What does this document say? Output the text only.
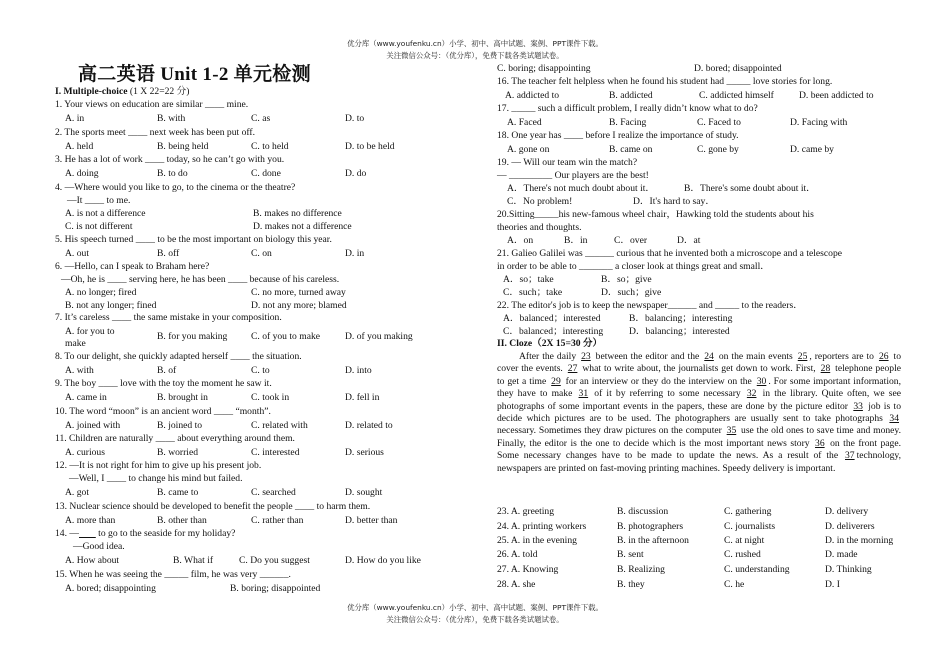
优分库（www.youfenku.cn）小学、初中、高中试题、案例、PPT课件下载。
关注微信公众号：（优分库），免费下载各类试题试卷。
优分库（www.youfenku.cn）小学、初中、高中试题、案例、PPT课件下载。
关注微信公众号：（优分库），免费下载各类试题试卷。
高二英语 Unit 1-2 单元检测
I. Multiple-choice (1 X 22=22 分)
1. Your views on education are similar ____ mine.
A. in	B. with	C. as	D. to
2. The sports meet ____ next week has been put off.
A. held	B. being held	C. to held	D. to be held
3. He has a lot of work ____ today, so he can’t go with you.
A. doing	B. to do	C. done	D. do
4. —Where would you like to go, to the cinema or the theatre?
—It ____ to me.
A. is not a difference	B. makes no difference
C. is not different	D. makes not a difference
5. His speech turned ____ to be the most important on biology this year.
A. out	B. off	C. on	D. in
6. —Hello, can I speak to Braham here?
—Oh, he is ____ serving here, he has been ____ because of his careless.
A. no longer; fired	C. no more, turned away
B. not any longer; fined	D. not any more; blamed
7. It’s careless ____ the same mistake in your composition.
A. for you to	B. for you making C. of you to make	D. of you making
make
8. To our delight, she quickly adapted herself ____ the situation.
A. with	B. of	C. to	D. into
9. The boy ____ love with the toy the moment he saw it.
A. came in	B. brought in	C. took in	D. fell in
10. The word “moon” is an ancient word ____ “month”.
A. joined with	B. joined to	C. related with	D. related to
11. Children are naturally ____ about everything around them.
A. curious	B. worried	C. interested	D. serious
12. —It is not right for him to give up his present job.
—Well, I ____ to change his mind but failed.
A. got	B. came to	C. searched	D. sought
13. Nuclear science should be developed to benefit the people ____ to harm them.
A. more than	B. other than	C. rather than	D. better than
14. —        to go to the seaside for my holiday?
—Good idea.
A. How about	B. What if	C. Do you suggest	D. How do you like
15. When he was seeing the _____ film, he was very ______.
A. bored; disappointing	B. boring; disappointed
C. boring; disappointing	D. bored; disappointed
16. The teacher felt helpless when he found his student had _____ love stories for long.
A. addicted to	B. addicted	C. addicted himself	D. been addicted to
17. _____ such a difficult problem, I really didn’t know what to do?
A. Faced	B. Facing	C. Faced to	D. Facing with
18. One year has ____ before I realize the importance of study.
A. gone on	B. came on	C. gone by	D. came by
19. — Will our team win the match?
— _________ Our players are the best!
A．There's not much doubt about it．	B．There's some doubt about it．
C．No problem!	D．It's hard to say．
20.Sitting_____his new-famous wheel chair，Hawking told the students about his
theories and thoughts.
A．on	B．in	C．over	D．at
21. Galieo Galilei was ______ curious that he invented both a microscope and a telescope
in order to be able to _______ a closer look at things great and small．
A．so；take	B．so；give
C．such；take	D．such；give
22. The editor's job is to keep the newspaper______ and _____ to the readers．
A．balanced；interested	B．balancing；interesting
C．balanced；interesting	D．balancing；interested
II. Cloze（2X 15=30 分）
After the daily 23 between the editor and the 24 on the main events 25 , reporters are to 26 to cover the events. 27 what to write about, the journalists get down to work. First, 28 telephone people to get a time 29 for an interview or they do the interview on the 30 . For some important information, they have to make 31 of it by referring to some necessary 32 in the library. Quite often, we see photographs of some important events in the papers, these are done by the picture editor 33 job is to decide which pictures are to be used. The photographers are usually sent to take photographs 34 necessary. Sometimes they draw pictures on the computer 35 use the old ones to save time and money. Finally, the editor is the one to decide which is the most important news story 36 on the front page. Some necessary changes have to be made to update the news. As a result of the 37 technology, newspapers are printed on fast-moving printing machines. Speedy delivery is important.
23. A. greeting	B. discussion	C. gathering	D. delivery
24. A. printing workers	B. photographers	C. journalists	D. deliverers
25. A. in the evening	B. in the afternoon	C. at night	D. in the morning
26. A. told	B. sent	C. rushed	D. made
27. A. Knowing	B. Realizing	C. understanding	D. Thinking
28. A. she	B. they	C. he	D. I
